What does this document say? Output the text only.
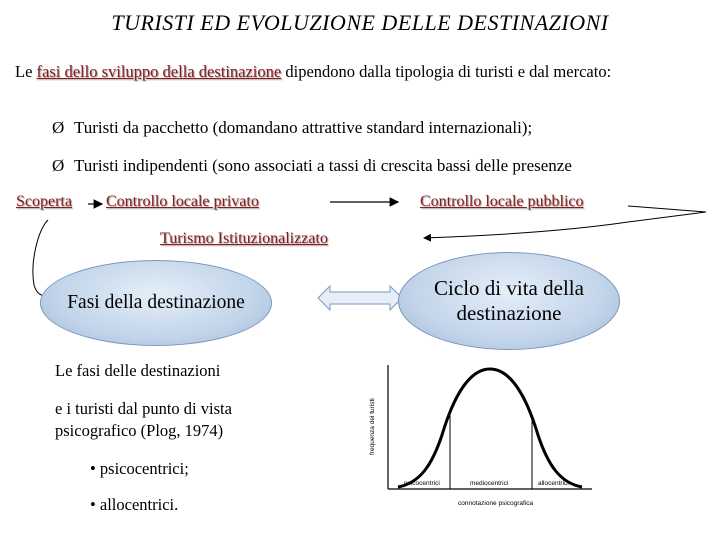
TURISTI ED EVOLUZIONE DELLE DESTINAZIONI
Le fasi dello sviluppo della destinazione dipendono dalla tipologia di turisti e dal mercato:
Ø Turisti da pacchetto (domandano attrattive standard internazionali);
Ø Turisti indipendenti (sono associati a tassi di crescita bassi delle presenze
Scoperta Controllo locale privato	Controllo locale pubblico
Turismo Istituzionalizzato
Fasi della destinazione
Ciclo di vita della destinazione
Le fasi delle destinazioni
e i turisti dal punto di vista psicografico (Plog, 1974)
• psicocentrici;
• allocentrici.
frequenza dei turisti
psicocentrici	mediocentrici	allocentrici
connotazione psicografica
